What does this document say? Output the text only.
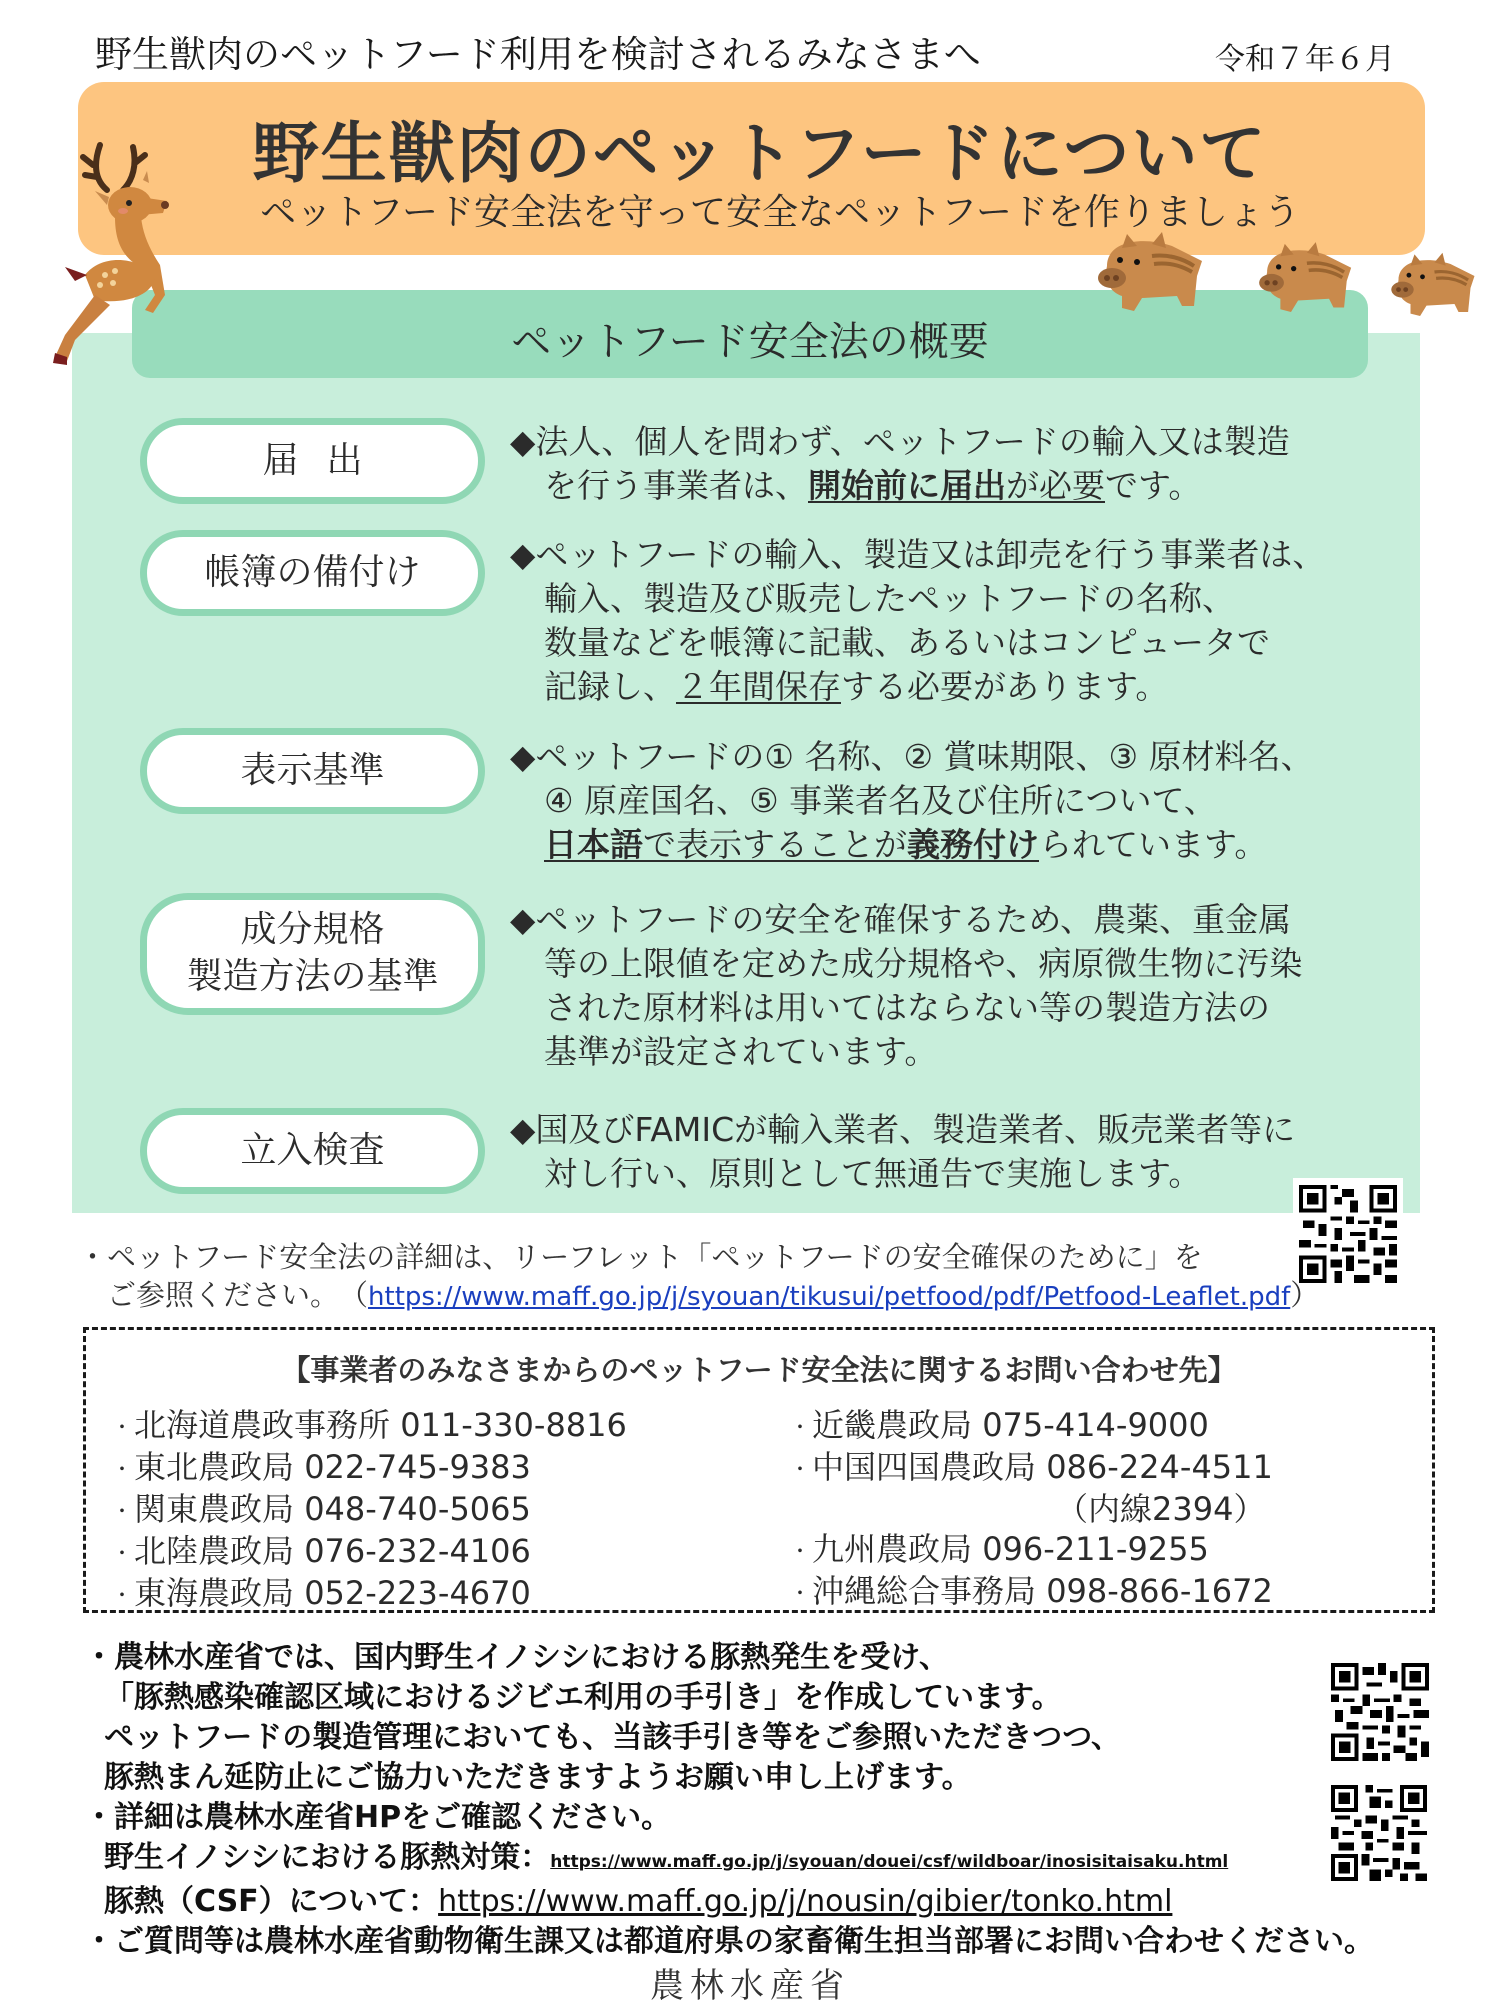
野生獣肉のペットフード利用を検討されるみなさまへ	令和７年６月
野生獣肉のペットフードについて
ペットフード安全法を守って安全なペットフードを作りましょう
ペットフード安全法の概要
届出
帳簿の備付け
表示基準
成分規格
製造方法の基準
立入検査
◆法人、個人を問わず、ペットフードの輸入又は製造
を行う事業者は、開始前に届出が必要です。
◆ペットフードの輸入、製造又は卸売を行う事業者は、
輸入、製造及び販売したペットフードの名称、
数量などを帳簿に記載、あるいはコンピュータで
記録し、２年間保存する必要があります。
◆ペットフードの① 名称、② 賞味期限、③ 原材料名、
④ 原産国名、⑤ 事業者名及び住所について、
日本語で表示することが義務付けられています。
◆ペットフードの安全を確保するため、農薬、重金属
等の上限値を定めた成分規格や、病原微生物に汚染
された原材料は用いてはならない等の製造方法の
基準が設定されています。
◆国及びFAMICが輸入業者、製造業者、販売業者等に
対し行い、原則として無通告で実施します。
・ペットフード安全法の詳細は、リーフレット「ペットフードの安全確保のために」を
　ご参照ください。　（https://www.maff.go.jp/j/syouan/tikusui/petfood/pdf/Petfood-Leaflet.pdf）
【事業者のみなさまからのペットフード安全法に関するお問い合わせ先】
・北海道農政事務所 011-330-8816
・東北農政局 022-745-9383
・関東農政局 048-740-5065
・北陸農政局 076-232-4106
・東海農政局 052-223-4670
・近畿農政局 075-414-9000
・中国四国農政局 086-224-4511
（内線2394）
・九州農政局 096-211-9255
・沖縄総合事務局 098-866-1672
・農林水産省では、国内野生イノシシにおける豚熱発生を受け、
「豚熱感染確認区域におけるジビエ利用の手引き」を作成しています。
ペットフードの製造管理においても、当該手引き等をご参照いただきつつ、
豚熱まん延防止にご協力いただきますようお願い申し上げます。
・詳細は農林水産省HPをご確認ください。
野生イノシシにおける豚熱対策：https://www.maff.go.jp/j/syouan/douei/csf/wildboar/inosisitaisaku.html
豚熱（CSF）について：https://www.maff.go.jp/j/nousin/gibier/tonko.html
・ご質問等は農林水産省動物衛生課又は都道府県の家畜衛生担当部署にお問い合わせください。
農林水産省
